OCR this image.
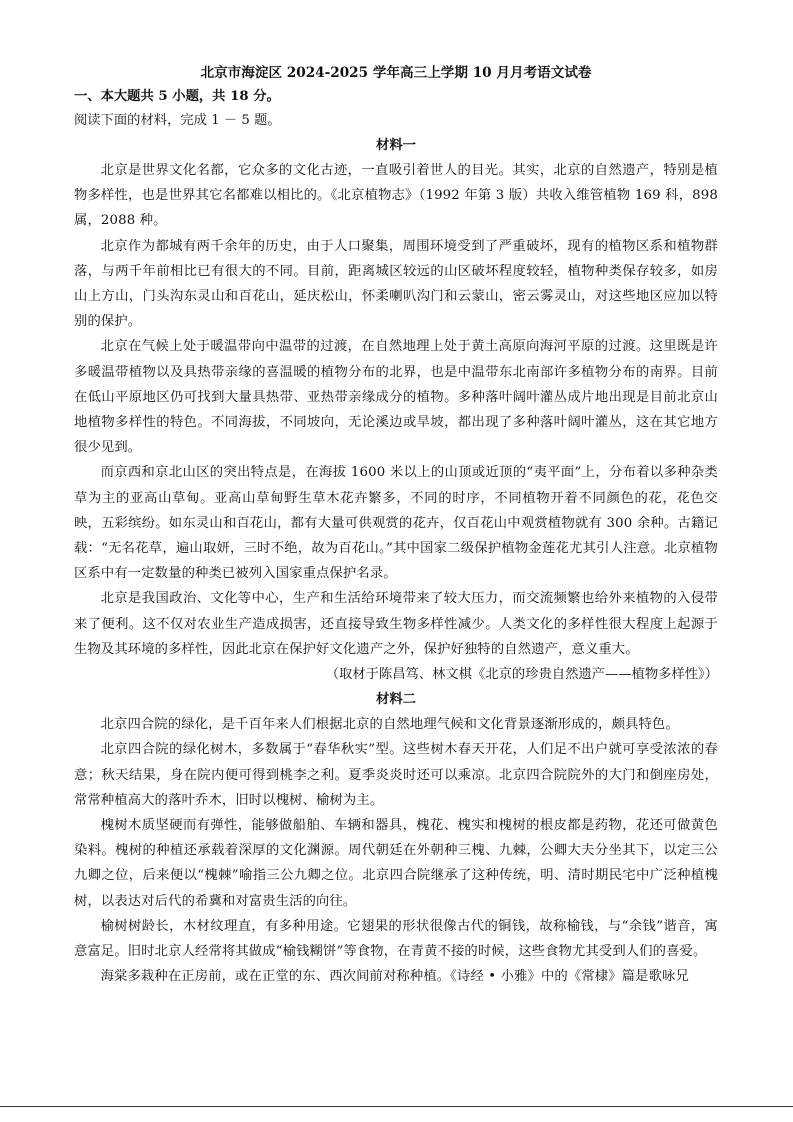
北京市海淀区 2024-2025 学年高三上学期 10 月月考语文试卷

一、本大题共 5 小题，共 18 分。

阅读下面的材料，完成 1 － 5 题。

材料一

北京是世界文化名都，它众多的文化古迹，一直吸引着世人的目光。其实，北京的自然遗产，特别是植物多样性，也是世界其它名都难以相比的。《北京植物志》（1992 年第 3 版）共收入维管植物 169 科，898 属，2088 种。

北京作为都城有两千余年的历史，由于人口聚集，周围环境受到了严重破坏，现有的植物区系和植物群落，与两千年前相比已有很大的不同。目前，距离城区较远的山区破坏程度较轻，植物种类保存较多，如房山上方山，门头沟东灵山和百花山，延庆松山，怀柔喇叭沟门和云蒙山，密云雾灵山，对这些地区应加以特别的保护。

北京在气候上处于暖温带向中温带的过渡，在自然地理上处于黄土高原向海河平原的过渡。这里既是许多暖温带植物以及具热带亲缘的喜温暖的植物分布的北界，也是中温带东北南部许多植物分布的南界。目前在低山平原地区仍可找到大量具热带、亚热带亲缘成分的植物。多种落叶阔叶灌丛成片地出现是目前北京山地植物多样性的特色。不同海拔，不同坡向，无论溪边或旱坡，都出现了多种落叶阔叶灌丛，这在其它地方很少见到。

而京西和京北山区的突出特点是，在海拔 1600 米以上的山顶或近顶的“夷平面”上，分布着以多种杂类草为主的亚高山草甸。亚高山草甸野生草木花卉繁多，不同的时序，不同植物开着不同颜色的花，花色交映，五彩缤纷。如东灵山和百花山，都有大量可供观赏的花卉，仅百花山中观赏植物就有 300 余种。古籍记载：“无名花草，遍山取妍，三时不绝，故为百花山。”其中国家二级保护植物金莲花尤其引人注意。北京植物区系中有一定数量的种类已被列入国家重点保护名录。

北京是我国政治、文化等中心，生产和生活给环境带来了较大压力，而交流频繁也给外来植物的入侵带来了便利。这不仅对农业生产造成损害，还直接导致生物多样性减少。人类文化的多样性很大程度上起源于生物及其环境的多样性，因此北京在保护好文化遗产之外，保护好独特的自然遗产，意义重大。

（取材于陈昌笃、林文棋《北京的珍贵自然遗产——植物多样性》）

材料二

北京四合院的绿化，是千百年来人们根据北京的自然地理气候和文化背景逐渐形成的，颇具特色。

北京四合院的绿化树木，多数属于“春华秋实”型。这些树木春天开花，人们足不出户就可享受浓浓的春意；秋天结果，身在院内便可得到桃李之利。夏季炎炎时还可以乘凉。北京四合院院外的大门和倒座房处，常常种植高大的落叶乔木，旧时以槐树、榆树为主。

槐树木质坚硬而有弹性，能够做船舶、车辆和器具，槐花、槐实和槐树的根皮都是药物，花还可做黄色染料。槐树的种植还承载着深厚的文化渊源。周代朝廷在外朝种三槐、九棘，公卿大夫分坐其下，以定三公九卿之位，后来便以“槐棘”喻指三公九卿之位。北京四合院继承了这种传统，明、清时期民宅中广泛种植槐树，以表达对后代的希冀和对富贵生活的向往。

榆树树龄长，木材纹理直，有多种用途。它翅果的形状很像古代的铜钱，故称榆钱，与“余钱”谐音，寓意富足。旧时北京人经常将其做成“榆钱糊饼”等食物，在青黄不接的时候，这些食物尤其受到人们的喜爱。

海棠多栽种在正房前，或在正堂的东、西次间前对称种植。《诗经 • 小雅》中的《常棣》篇是歌咏兄
